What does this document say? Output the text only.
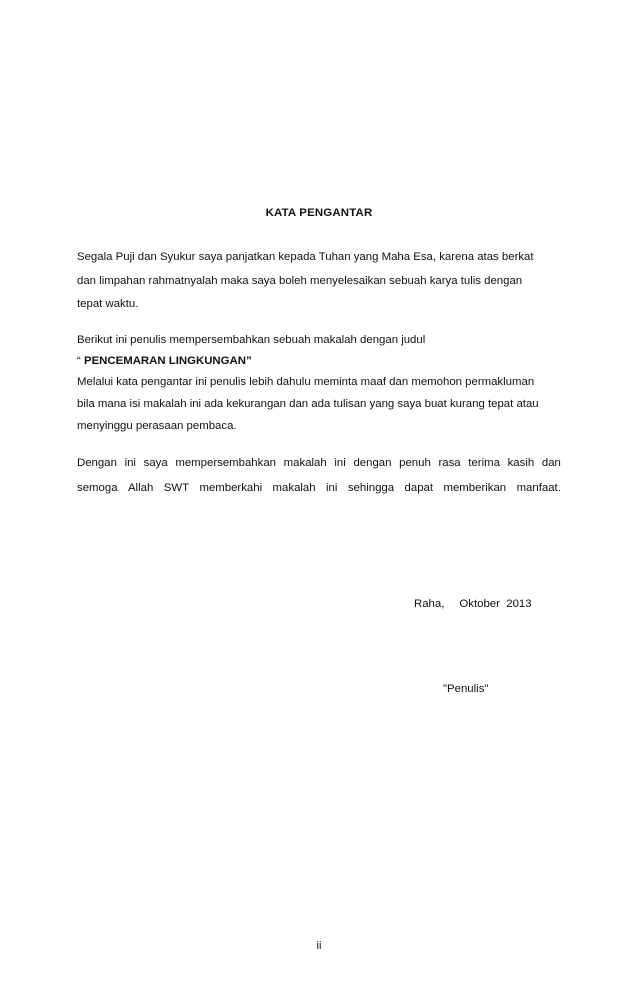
KATA PENGANTAR
Segala Puji dan Syukur saya panjatkan kepada Tuhan yang Maha Esa, karena atas berkat
dan limpahan rahmatnyalah maka saya boleh menyelesaikan sebuah karya tulis dengan
tepat waktu.
Berikut ini penulis mempersembahkan sebuah makalah dengan judul
“ PENCEMARAN LINGKUNGAN”
Melalui kata pengantar ini penulis lebih dahulu meminta maaf dan memohon permakluman
bila mana isi makalah ini ada kekurangan dan ada tulisan yang saya buat kurang tepat atau
menyinggu perasaan pembaca.
Dengan ini saya mempersembahkan makalah ini dengan penuh rasa terima kasih dan
semoga Allah SWT memberkahi makalah ini sehingga dapat memberikan manfaat.
Raha, Oktober  2013
"Penulis"
ii
